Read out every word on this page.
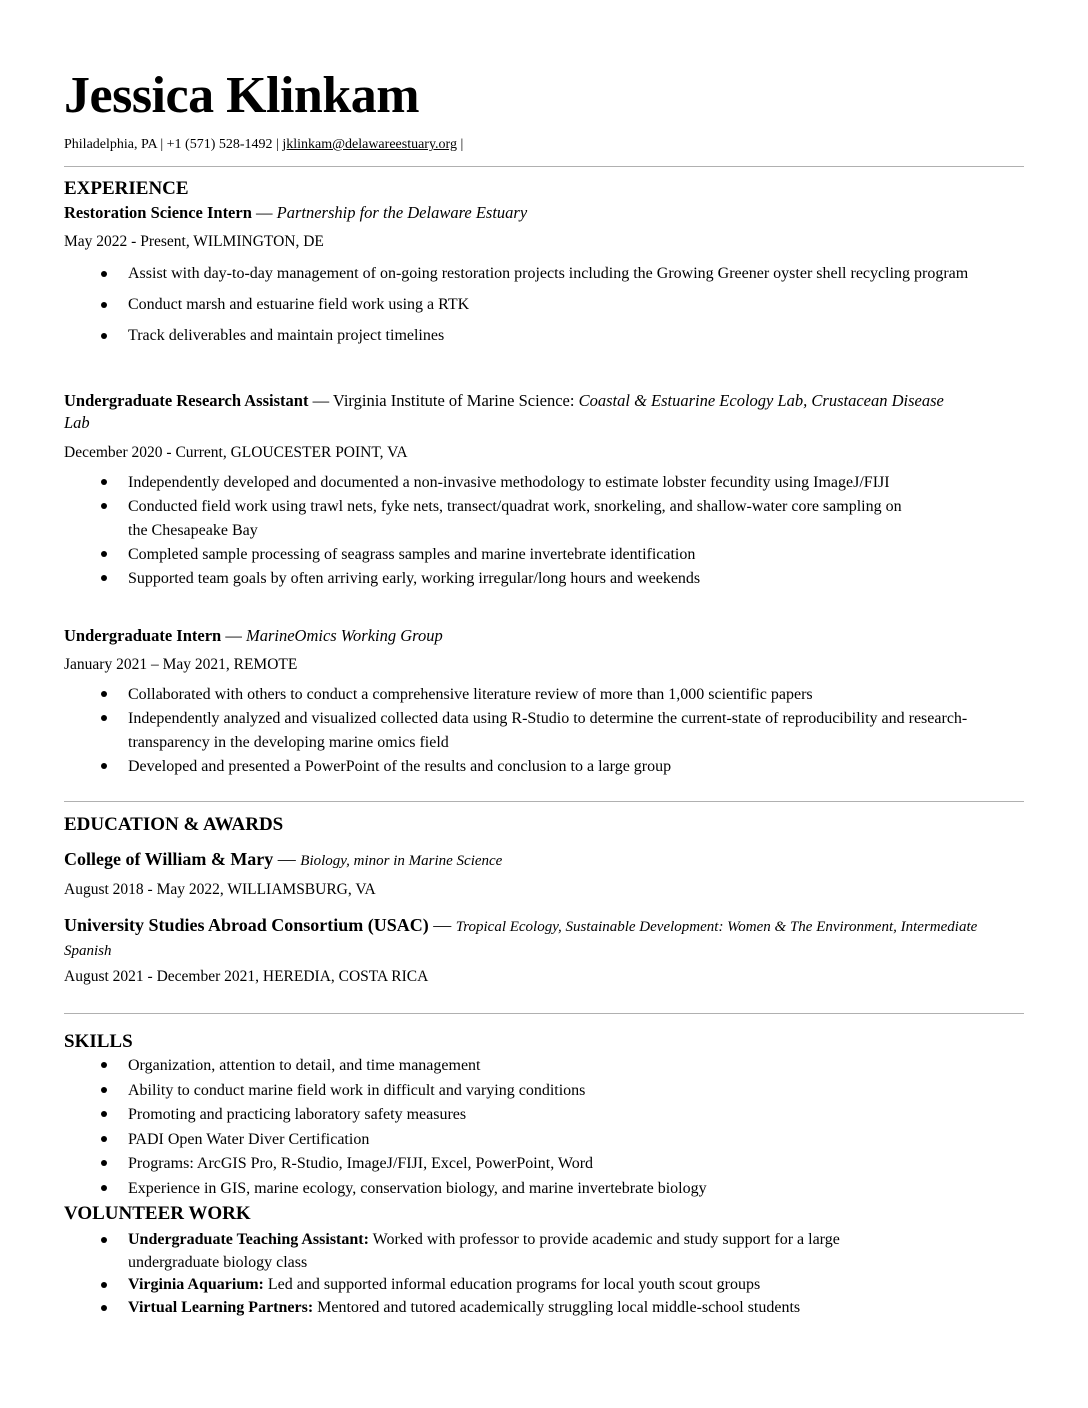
Jessica Klinkam
Philadelphia, PA | +1 (571) 528-1492 | jklinkam@delawareestuary.org |
EXPERIENCE
Restoration Science Intern — Partnership for the Delaware Estuary
May 2022 - Present, WILMINGTON, DE
Assist with day-to-day management of on-going restoration projects including the Growing Greener oyster shell recycling program
Conduct marsh and estuarine field work using a RTK
Track deliverables and maintain project timelines
Undergraduate Research Assistant — Virginia Institute of Marine Science: Coastal & Estuarine Ecology Lab, Crustacean Disease Lab
December 2020 - Current, GLOUCESTER POINT, VA
Independently developed and documented a non-invasive methodology to estimate lobster fecundity using ImageJ/FIJI
Conducted field work using trawl nets, fyke nets, transect/quadrat work, snorkeling, and shallow-water core sampling on the Chesapeake Bay
Completed sample processing of seagrass samples and marine invertebrate identification
Supported team goals by often arriving early, working irregular/long hours and weekends
Undergraduate Intern — MarineOmics Working Group
January 2021 – May 2021, REMOTE
Collaborated with others to conduct a comprehensive literature review of more than 1,000 scientific papers
Independently analyzed and visualized collected data using R-Studio to determine the current-state of reproducibility and research-transparency in the developing marine omics field
Developed and presented a PowerPoint of the results and conclusion to a large group
EDUCATION & AWARDS
College of William & Mary — Biology, minor in Marine Science
August 2018 - May 2022, WILLIAMSBURG, VA
University Studies Abroad Consortium (USAC) — Tropical Ecology, Sustainable Development: Women & The Environment, Intermediate Spanish
August 2021 - December 2021, HEREDIA, COSTA RICA
SKILLS
Organization, attention to detail, and time management
Ability to conduct marine field work in difficult and varying conditions
Promoting and practicing laboratory safety measures
PADI Open Water Diver Certification
Programs: ArcGIS Pro, R-Studio, ImageJ/FIJI, Excel, PowerPoint, Word
Experience in GIS, marine ecology, conservation biology, and marine invertebrate biology
VOLUNTEER WORK
Undergraduate Teaching Assistant: Worked with professor to provide academic and study support for a large undergraduate biology class
Virginia Aquarium: Led and supported informal education programs for local youth scout groups
Virtual Learning Partners: Mentored and tutored academically struggling local middle-school students
